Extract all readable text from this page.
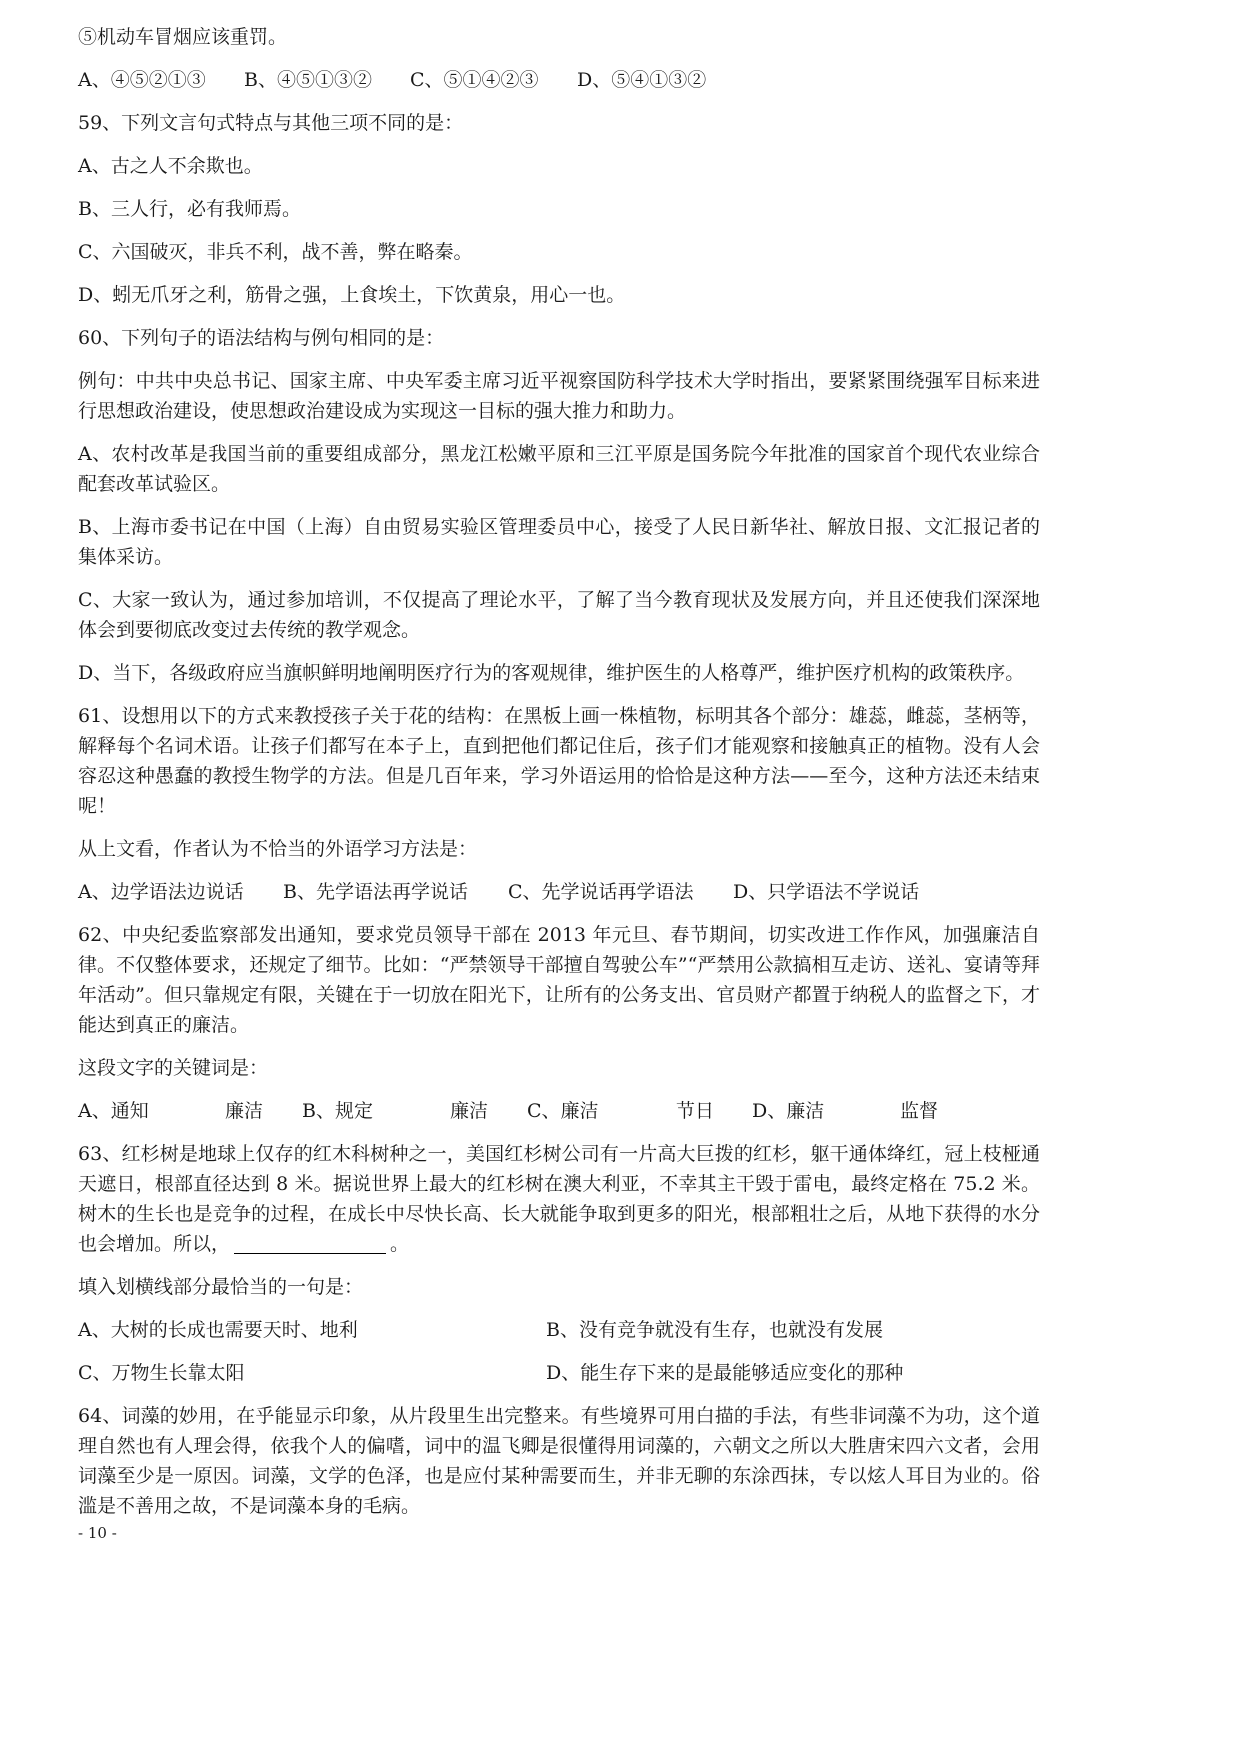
⑤机动车冒烟应该重罚。

A、④⑤②①③ B、④⑤①③② C、⑤①④②③ D、⑤④①③②

59、下列文言句式特点与其他三项不同的是：

A、古之人不余欺也。

B、三人行，必有我师焉。

C、六国破灭，非兵不利，战不善，弊在略秦。

D、蚓无爪牙之利，筋骨之强，上食埃土，下饮黄泉，用心一也。

60、下列句子的语法结构与例句相同的是：

例句：中共中央总书记、国家主席、中央军委主席习近平视察国防科学技术大学时指出，要紧紧围绕强军目标来进行思想政治建设，使思想政治建设成为实现这一目标的强大推力和助力。

A、农村改革是我国当前的重要组成部分，黑龙江松嫩平原和三江平原是国务院今年批准的国家首个现代农业综合配套改革试验区。

B、上海市委书记在中国（上海）自由贸易实验区管理委员中心，接受了人民日新华社、解放日报、文汇报记者的集体采访。

C、大家一致认为，通过参加培训，不仅提高了理论水平，了解了当今教育现状及发展方向，并且还使我们深深地体会到要彻底改变过去传统的教学观念。

D、当下，各级政府应当旗帜鲜明地阐明医疗行为的客观规律，维护医生的人格尊严，维护医疗机构的政策秩序。

61、设想用以下的方式来教授孩子关于花的结构：在黑板上画一株植物，标明其各个部分：雄蕊，雌蕊，茎柄等，解释每个名词术语。让孩子们都写在本子上，直到把他们都记住后，孩子们才能观察和接触真正的植物。没有人会容忍这种愚蠢的教授生物学的方法。但是几百年来，学习外语运用的恰恰是这种方法——至今，这种方法还未结束呢！

从上文看，作者认为不恰当的外语学习方法是：

A、边学语法边说话 B、先学语法再学说话 C、先学说话再学语法 D、只学语法不学说话

62、中央纪委监察部发出通知，要求党员领导干部在 2013 年元旦、春节期间，切实改进工作作风，加强廉洁自律。不仅整体要求，还规定了细节。比如：“严禁领导干部擅自驾驶公车”“严禁用公款搞相互走访、送礼、宴请等拜年活动”。但只靠规定有限，关键在于一切放在阳光下，让所有的公务支出、官员财产都置于纳税人的监督之下，才能达到真正的廉洁。

这段文字的关键词是：

A、通知	廉洁 B、规定	廉洁 C、廉洁	节日 D、廉洁	监督

63、红杉树是地球上仅存的红木科树种之一，美国红杉树公司有一片高大巨拨的红杉，躯干通体绛红，冠上枝桠通天遮日，根部直径达到 8 米。据说世界上最大的红杉树在澳大利亚，不幸其主干毁于雷电，最终定格在 75.2 米。树木的生长也是竞争的过程，在成长中尽快长高、长大就能争取到更多的阳光，根部粗壮之后，从地下获得的水分也会增加。所以，	。

填入划横线部分最恰当的一句是：

A、大树的长成也需要天时、地利	B、没有竞争就没有生存，也就没有发展
C、万物生长靠太阳	D、能生存下来的是最能够适应变化的那种

64、词藻的妙用，在乎能显示印象，从片段里生出完整来。有些境界可用白描的手法，有些非词藻不为功，这个道理自然也有人理会得，依我个人的偏嗜，词中的温飞卿是很懂得用词藻的，六朝文之所以大胜唐宋四六文者，会用词藻至少是一原因。词藻，文学的色泽，也是应付某种需要而生，并非无聊的东涂西抹，专以炫人耳目为业的。俗滥是不善用之故，不是词藻本身的毛病。

- 10 -
